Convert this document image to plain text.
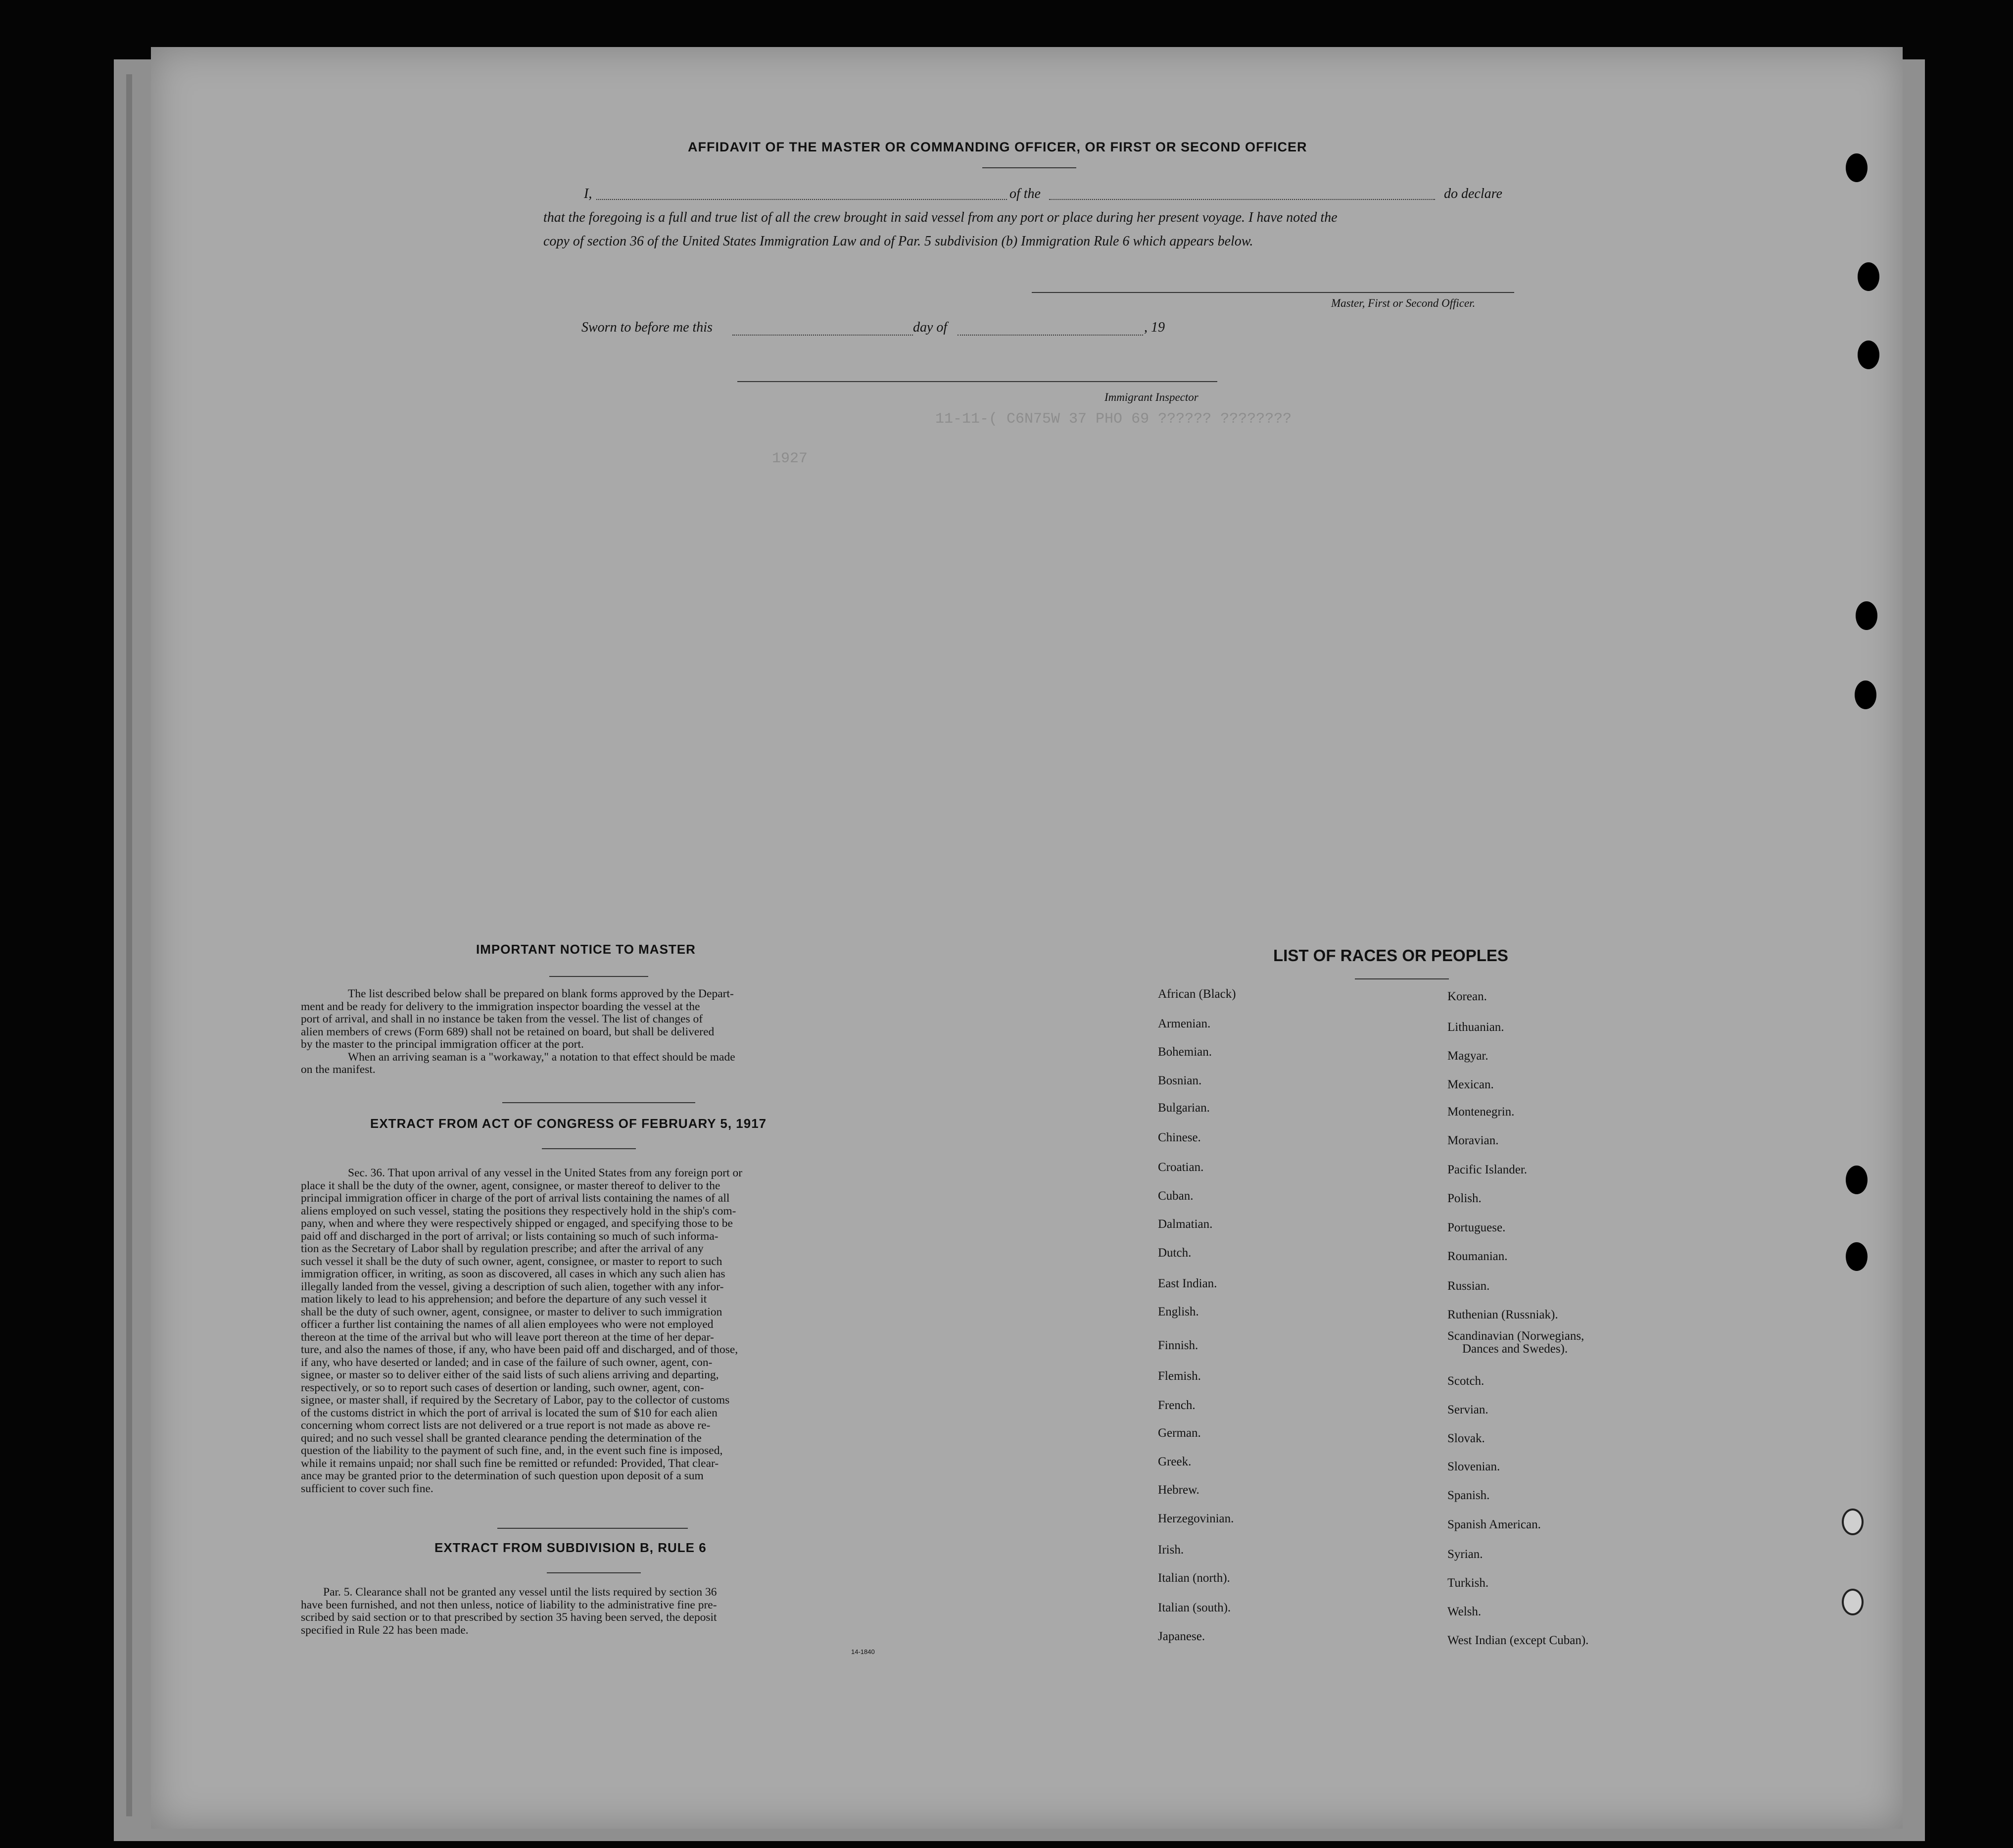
11-11-( C6N75W 37 PHO 69 ?????? ????????
1927
AFFIDAVIT OF THE MASTER OR COMMANDING OFFICER, OR FIRST OR SECOND OFFICER
I,	of the	do declare
that the foregoing is a full and true list of all the crew brought in said vessel from any port or place during her present voyage. I have noted the
copy of section 36 of the United States Immigration Law and of Par. 5 subdivision (b) Immigration Rule 6 which appears below.
Master, First or Second Officer.
Sworn to before me this	day of	, 19
Immigrant Inspector
IMPORTANT NOTICE TO MASTER
The list described below shall be prepared on blank forms approved by the Depart-
ment and be ready for delivery to the immigration inspector boarding the vessel at the
port of arrival, and shall in no instance be taken from the vessel. The list of changes of
alien members of crews (Form 689) shall not be retained on board, but shall be delivered
by the master to the principal immigration officer at the port.
When an arriving seaman is a "workaway," a notation to that effect should be made
on the manifest.
EXTRACT FROM ACT OF CONGRESS OF FEBRUARY 5, 1917
Sec. 36. That upon arrival of any vessel in the United States from any foreign port or
place it shall be the duty of the owner, agent, consignee, or master thereof to deliver to the
principal immigration officer in charge of the port of arrival lists containing the names of all
aliens employed on such vessel, stating the positions they respectively hold in the ship's com-
pany, when and where they were respectively shipped or engaged, and specifying those to be
paid off and discharged in the port of arrival; or lists containing so much of such informa-
tion as the Secretary of Labor shall by regulation prescribe; and after the arrival of any
such vessel it shall be the duty of such owner, agent, consignee, or master to report to such
immigration officer, in writing, as soon as discovered, all cases in which any such alien has
illegally landed from the vessel, giving a description of such alien, together with any infor-
mation likely to lead to his apprehension; and before the departure of any such vessel it
shall be the duty of such owner, agent, consignee, or master to deliver to such immigration
officer a further list containing the names of all alien employees who were not employed
thereon at the time of the arrival but who will leave port thereon at the time of her depar-
ture, and also the names of those, if any, who have been paid off and discharged, and of those,
if any, who have deserted or landed; and in case of the failure of such owner, agent, con-
signee, or master so to deliver either of the said lists of such aliens arriving and departing,
respectively, or so to report such cases of desertion or landing, such owner, agent, con-
signee, or master shall, if required by the Secretary of Labor, pay to the collector of customs
of the customs district in which the port of arrival is located the sum of $10 for each alien
concerning whom correct lists are not delivered or a true report is not made as above re-
quired; and no such vessel shall be granted clearance pending the determination of the
question of the liability to the payment of such fine, and, in the event such fine is imposed,
while it remains unpaid; nor shall such fine be remitted or refunded: Provided, That clear-
ance may be granted prior to the determination of such question upon deposit of a sum
sufficient to cover such fine.
EXTRACT FROM SUBDIVISION B, RULE 6
Par. 5. Clearance shall not be granted any vessel until the lists required by section 36
have been furnished, and not then unless, notice of liability to the administrative fine pre-
scribed by said section or to that prescribed by section 35 having been served, the deposit
specified in Rule 22 has been made.
14-1840
LIST OF RACES OR PEOPLES
African (Black)
Armenian.
Bohemian.
Bosnian.
Bulgarian.
Chinese.
Croatian.
Cuban.
Dalmatian.
Dutch.
East Indian.
English.
Finnish.
Flemish.
French.
German.
Greek.
Hebrew.
Herzegovinian.
Irish.
Italian (north).
Italian (south).
Japanese.
Korean.
Lithuanian.
Magyar.
Mexican.
Montenegrin.
Moravian.
Pacific Islander.
Polish.
Portuguese.
Roumanian.
Russian.
Ruthenian (Russniak).
Scandinavian (Norwegians,
Dances and Swedes).
Scotch.
Servian.
Slovak.
Slovenian.
Spanish.
Spanish American.
Syrian.
Turkish.
Welsh.
West Indian (except Cuban).
